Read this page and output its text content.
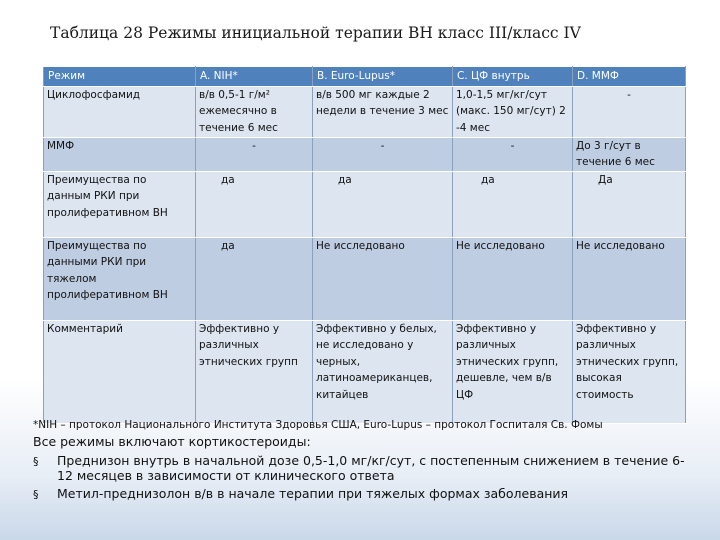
Таблица 28 Режимы инициальной терапии ВН класс III/класс IV
Режим	A. NIH*	B. Euro-Lupus*	C. ЦФ внутрь	D. ММФ
Циклофосфамид	в/в 0,5-1 г/м² ежемесячно в течение 6 мес	в/в 500 мг каждые 2 недели в течение 3 мес	1,0-1,5 мг/кг/сут (макс. 150 мг/сут) 2 -4 мес	-
ММФ	-	-	-	До 3 г/сут в течение 6 мес
Преимущества по данным РКИ при пролиферативном ВН	да	да	да	Да
Преимущества по данными РКИ при тяжелом пролиферативном ВН	да	Не исследовано	Не исследовано	Не исследовано
Комментарий	Эффективно у различных этнических групп	Эффективно у белых, не исследовано у черных, латиноамериканцев, китайцев	Эффективно у различных этнических групп, дешевле, чем в/в ЦФ	Эффективно у различных этнических групп, высокая стоимость
*NIH – протокол Национального Института Здоровья США, Euro-Lupus – протокол Госпиталя Св. Фомы
Все режимы включают кортикостероиды:
§ Преднизон внутрь в начальной дозе 0,5-1,0 мг/кг/сут, с постепенным снижением в течение 6-12 месяцев в зависимости от клинического ответа
§ Метил-преднизолон в/в в начале терапии при тяжелых формах заболевания
